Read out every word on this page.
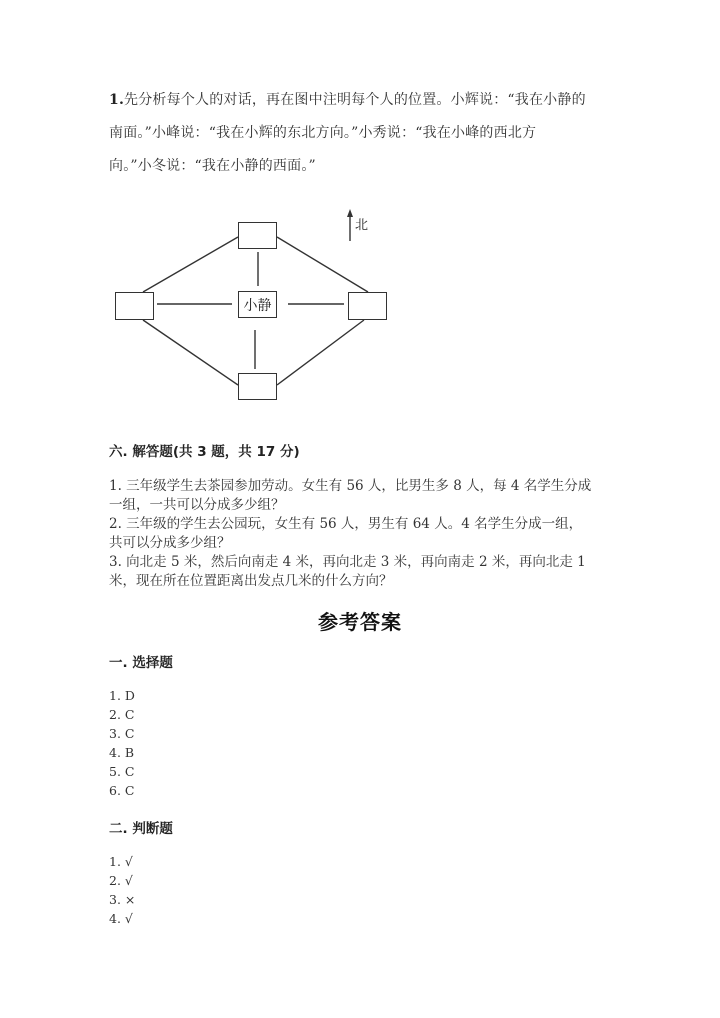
1.先分析每个人的对话，再在图中注明每个人的位置。小辉说：“我在小静的
南面。”小峰说：“我在小辉的东北方向。”小秀说：“我在小峰的西北方
向。”小冬说：“我在小静的西面。”
北
小静
六. 解答题(共 3 题，共 17 分)
1. 三年级学生去茶园参加劳动。女生有 56 人，比男生多 8 人，每 4 名学生分成
一组，一共可以分成多少组？
2. 三年级的学生去公园玩，女生有 56 人，男生有 64 人。4 名学生分成一组，
共可以分成多少组？
3. 向北走 5 米，然后向南走 4 米，再向北走 3 米，再向南走 2 米，再向北走 1
米，现在所在位置距离出发点几米的什么方向？
参考答案
一. 选择题
1. D
2. C
3. C
4. B
5. C
6. C
二. 判断题
1. √
2. √
3. ×
4. √
